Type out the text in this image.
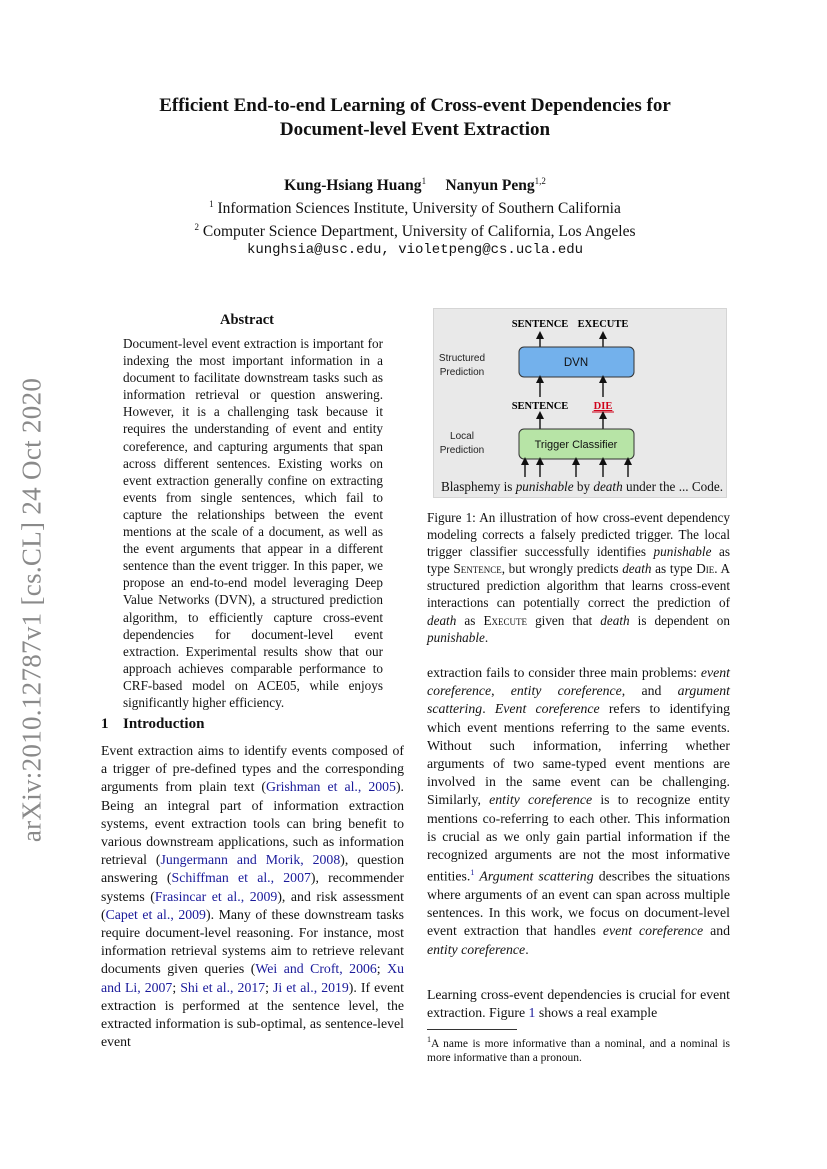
arXiv:2010.12787v1 [cs.CL] 24 Oct 2020
Efficient End-to-end Learning of Cross-event Dependencies for
Document-level Event Extraction
Kung-Hsiang Huang$^1$ Nanyun Peng$^{1,2}$
$^1$ Information Sciences Institute, University of Southern California
$^2$ Computer Science Department, University of California, Los Angeles
kunghsia@usc.edu, violetpeng@cs.ucla.edu
Abstract
Document-level event extraction is important for indexing the most important information in a document to facilitate downstream tasks such as information retrieval or question answering. However, it is a challenging task because it requires the understanding of event and entity coreference, and capturing arguments that span across different sentences. Existing works on event extraction generally confine on extracting events from single sentences, which fail to capture the relationships between the event mentions at the scale of a document, as well as the event arguments that appear in a different sentence than the event trigger. In this paper, we propose an end-to-end model leveraging Deep Value Networks (DVN), a structured prediction algorithm, to efficiently capture cross-event dependencies for document-level event extraction. Experimental results show that our approach achieves comparable performance to CRF-based model on ACE05, while enjoys significantly higher efficiency.
1 Introduction
Event extraction aims to identify events composed of a trigger of pre-defined types and the corresponding arguments from plain text (Grishman et al., 2005). Being an integral part of information extraction systems, event extraction tools can bring benefit to various downstream applications, such as information retrieval (Jungermann and Morik, 2008), question answering (Schiffman et al., 2007), recommender systems (Frasincar et al., 2009), and risk assessment (Capet et al., 2009). Many of these downstream tasks require document-level reasoning. For instance, most information retrieval systems aim to retrieve relevant documents given queries (Wei and Croft, 2006; Xu and Li, 2007; Shi et al., 2017; Ji et al., 2019). If event extraction is performed at the sentence level, the extracted information is sub-optimal, as sentence-level event
SENTENCE EXECUTE
DVN
Structured
Prediction
SENTENCE DIE
Trigger Classifier
Local
Prediction
Blasphemy is punishable by death under the ... Code.
Figure 1: An illustration of how cross-event dependency modeling corrects a falsely predicted trigger. The local trigger classifier successfully identifies punishable as type Sentence, but wrongly predicts death as type Die. A structured prediction algorithm that learns cross-event interactions can potentially correct the prediction of death as Execute given that death is dependent on punishable.
extraction fails to consider three main problems: event coreference, entity coreference, and argument scattering. Event coreference refers to identifying which event mentions referring to the same events. Without such information, inferring whether arguments of two same-typed event mentions are involved in the same event can be challenging. Similarly, entity coreference is to recognize entity mentions co-referring to each other. This information is crucial as we only gain partial information if the recognized arguments are not the most informative entities.$^1$ Argument scattering describes the situations where arguments of an event can span across multiple sentences. In this work, we focus on document-level event extraction that handles event coreference and entity coreference.
Learning cross-event dependencies is crucial for event extraction. Figure 1 shows a real example
$^1$A name is more informative than a nominal, and a nominal is more informative than a pronoun.
